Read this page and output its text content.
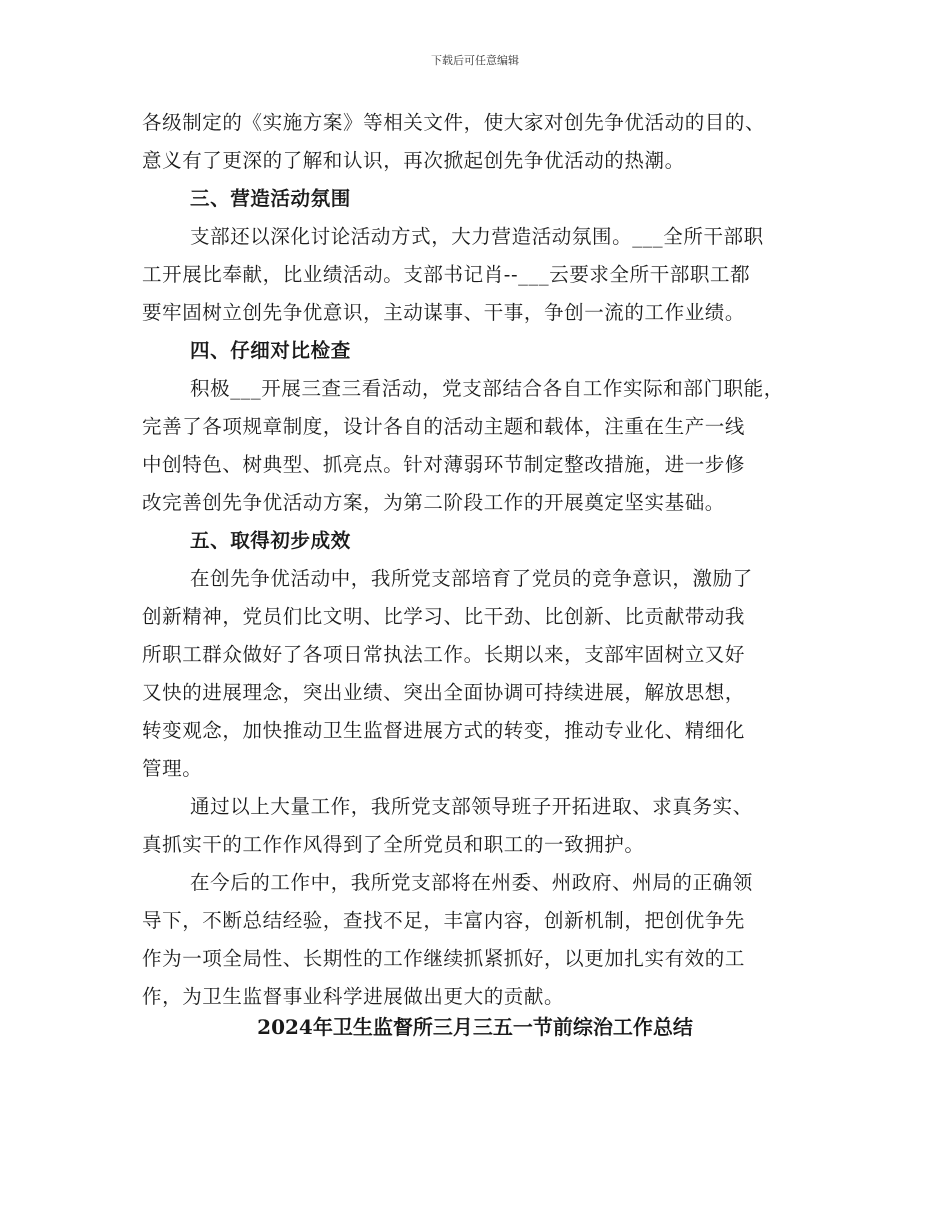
下载后可任意编辑
各级制定的《实施方案》等相关文件，使大家对创先争优活动的目的、
意义有了更深的了解和认识，再次掀起创先争优活动的热潮。
三、营造活动氛围
支部还以深化讨论活动方式，大力营造活动氛围。___全所干部职
工开展比奉献，比业绩活动。支部书记肖--___云要求全所干部职工都
要牢固树立创先争优意识，主动谋事、干事，争创一流的工作业绩。
四、仔细对比检查
积极___开展三查三看活动，党支部结合各自工作实际和部门职能，
完善了各项规章制度，设计各自的活动主题和载体，注重在生产一线
中创特色、树典型、抓亮点。针对薄弱环节制定整改措施，进一步修
改完善创先争优活动方案，为第二阶段工作的开展奠定坚实基础。
五、取得初步成效
在创先争优活动中，我所党支部培育了党员的竞争意识，激励了
创新精神，党员们比文明、比学习、比干劲、比创新、比贡献带动我
所职工群众做好了各项日常执法工作。长期以来，支部牢固树立又好
又快的进展理念，突出业绩、突出全面协调可持续进展，解放思想，
转变观念，加快推动卫生监督进展方式的转变，推动专业化、精细化
管理。
通过以上大量工作，我所党支部领导班子开拓进取、求真务实、
真抓实干的工作作风得到了全所党员和职工的一致拥护。
在今后的工作中，我所党支部将在州委、州政府、州局的正确领
导下，不断总结经验，查找不足，丰富内容，创新机制，把创优争先
作为一项全局性、长期性的工作继续抓紧抓好，以更加扎实有效的工
作，为卫生监督事业科学进展做出更大的贡献。
2024年卫生监督所三月三五一节前综治工作总结
